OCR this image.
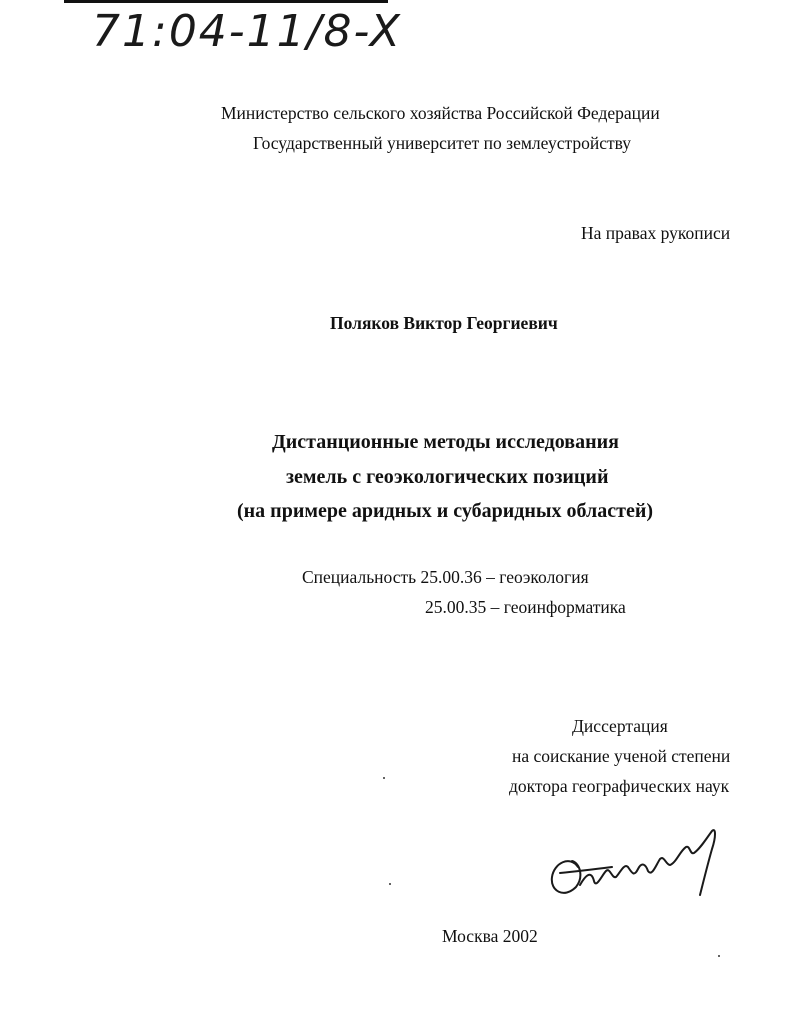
71:04-11/8-X
Министерство сельского хозяйства Российской Федерации
Государственный университет по землеустройству
На правах рукописи
Поляков Виктор Георгиевич
Дистанционные методы исследования
земель с геоэкологических позиций
(на примере аридных и субаридных областей)
Специальность 25.00.36 – геоэкология
25.00.35 – геоинформатика
Диссертация
на соискание ученой степени
доктора географических наук
Москва 2002
